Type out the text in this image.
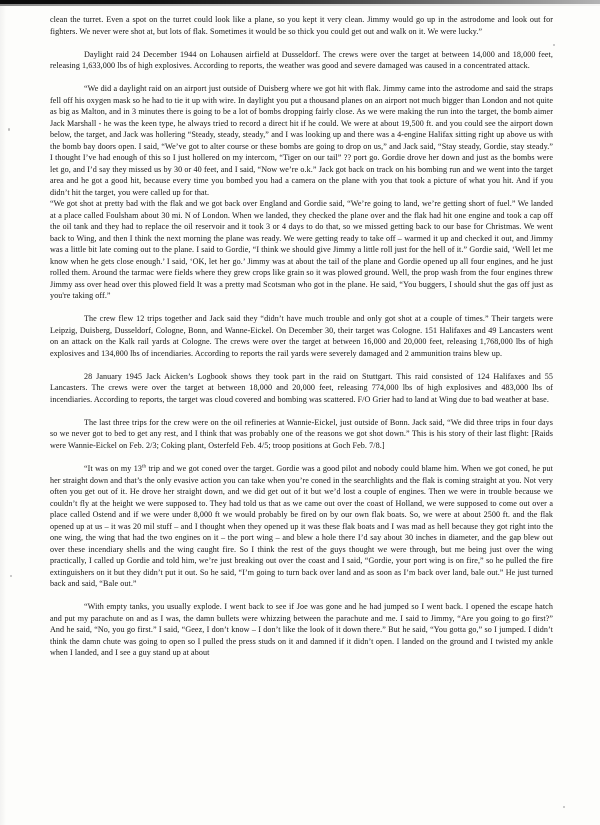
clean the turret. Even a spot on the turret could look like a plane, so you kept it very clean. Jimmy would go up in the astrodome and look out for fighters. We never were shot at, but lots of flak. Sometimes it would be so thick you could get out and walk on it. We were lucky.”

Daylight raid 24 December 1944 on Lohausen airfield at Dusseldorf. The crews were over the target at between 14,000 and 18,000 feet, releasing 1,633,000 lbs of high explosives. According to reports, the weather was good and severe damaged was caused in a concentrated attack.

“We did a daylight raid on an airport just outside of Duisberg where we got hit with flak. Jimmy came into the astrodome and said the straps fell off his oxygen mask so he had to tie it up with wire. In daylight you put a thousand planes on an airport not much bigger than London and not quite as big as Malton, and in 3 minutes there is going to be a lot of bombs dropping fairly close. As we were making the run into the target, the bomb aimer Jack Marshall - he was the keen type, he always tried to record a direct hit if he could. We were at about 19,500 ft. and you could see the airport down below, the target, and Jack was hollering “Steady, steady, steady,” and I was looking up and there was a 4-engine Halifax sitting right up above us with the bomb bay doors open. I said, “We’ve got to alter course or these bombs are going to drop on us,” and Jack said, “Stay steady, Gordie, stay steady.” I thought I’ve had enough of this so I just hollered on my intercom, “Tiger on our tail” ?? port go. Gordie drove her down and just as the bombs were let go, and I’d say they missed us by 30 or 40 feet, and I said, “Now we’re o.k.” Jack got back on track on his bombing run and we went into the target area and he got a good hit, because every time you bombed you had a camera on the plane with you that took a picture of what you hit. And if you didn’t hit the target, you were called up for that.

“We got shot at pretty bad with the flak and we got back over England and Gordie said, “We’re going to land, we’re getting short of fuel.” We landed at a place called Foulsham about 30 mi. N of London. When we landed, they checked the plane over and the flak had hit one engine and took a cap off the oil tank and they had to replace the oil reservoir and it took 3 or 4 days to do that, so we missed getting back to our base for Christmas. We went back to Wing, and then I think the next morning the plane was ready. We were getting ready to take off – warmed it up and checked it out, and Jimmy was a little bit late coming out to the plane. I said to Gordie, “I think we should give Jimmy a little roll just for the hell of it.” Gordie said, ‘Well let me know when he gets close enough.’ I said, ‘OK, let her go.’ Jimmy was at about the tail of the plane and Gordie opened up all four engines, and he just rolled them. Around the tarmac were fields where they grew crops like grain so it was plowed ground. Well, the prop wash from the four engines threw Jimmy ass over head over this plowed field It was a pretty mad Scotsman who got in the plane. He said, “You buggers, I should shut the gas off just as you're taking off.”

The crew flew 12 trips together and Jack said they “didn’t have much trouble and only got shot at a couple of times.” Their targets were Leipzig, Duisberg, Dusseldorf, Cologne, Bonn, and Wanne-Eickel. On December 30, their target was Cologne. 151 Halifaxes and 49 Lancasters went on an attack on the Kalk rail yards at Cologne. The crews were over the target at between 16,000 and 20,000 feet, releasing 1,768,000 lbs of high explosives and 134,000 lbs of incendiaries. According to reports the rail yards were severely damaged and 2 ammunition trains blew up.

28 January 1945 Jack Aicken’s Logbook shows they took part in the raid on Stuttgart. This raid consisted of 124 Halifaxes and 55 Lancasters. The crews were over the target at between 18,000 and 20,000 feet, releasing 774,000 lbs of high explosives and 483,000 lbs of incendiaries. According to reports, the target was cloud covered and bombing was scattered. F/O Grier had to land at Wing due to bad weather at base.

The last three trips for the crew were on the oil refineries at Wannie-Eickel, just outside of Bonn. Jack said, “We did three trips in four days so we never got to bed to get any rest, and I think that was probably one of the reasons we got shot down.” This is his story of their last flight: [Raids were Wannie-Eickel on Feb. 2/3; Coking plant, Osterfeld Feb. 4/5; troop positions at Goch Feb. 7/8.]

“It was on my 13th trip and we got coned over the target. Gordie was a good pilot and nobody could blame him. When we got coned, he put her straight down and that’s the only evasive action you can take when you’re coned in the searchlights and the flak is coming straight at you. Not very often you get out of it. He drove her straight down, and we did get out of it but we’d lost a couple of engines. Then we were in trouble because we couldn’t fly at the height we were supposed to. They had told us that as we came out over the coast of Holland, we were supposed to come out over a place called Ostend and if we were under 8,000 ft we would probably be fired on by our own flak boats. So, we were at about 2500 ft. and the flak opened up at us – it was 20 mil stuff – and I thought when they opened up it was these flak boats and I was mad as hell because they got right into the one wing, the wing that had the two engines on it – the port wing – and blew a hole there I’d say about 30 inches in diameter, and the gap blew out over these incendiary shells and the wing caught fire. So I think the rest of the guys thought we were through, but me being just over the wing practically, I called up Gordie and told him, we’re just breaking out over the coast and I said, “Gordie, your port wing is on fire,” so he pulled the fire extinguishers on it but they didn’t put it out. So he said, “I’m going to turn back over land and as soon as I’m back over land, bale out.” He just turned back and said, “Bale out.”

“With empty tanks, you usually explode. I went back to see if Joe was gone and he had jumped so I went back. I opened the escape hatch and put my parachute on and as I was, the damn bullets were whizzing between the parachute and me. I said to Jimmy, “Are you going to go first?” And he said, “No, you go first.” I said, “Geez, I don’t know – I don’t like the look of it down there.” But he said, “You gotta go,” so I jumped. I didn’t think the damn chute was going to open so I pulled the press studs on it and damned if it didn’t open. I landed on the ground and I twisted my ankle when I landed, and I see a guy stand up at about
